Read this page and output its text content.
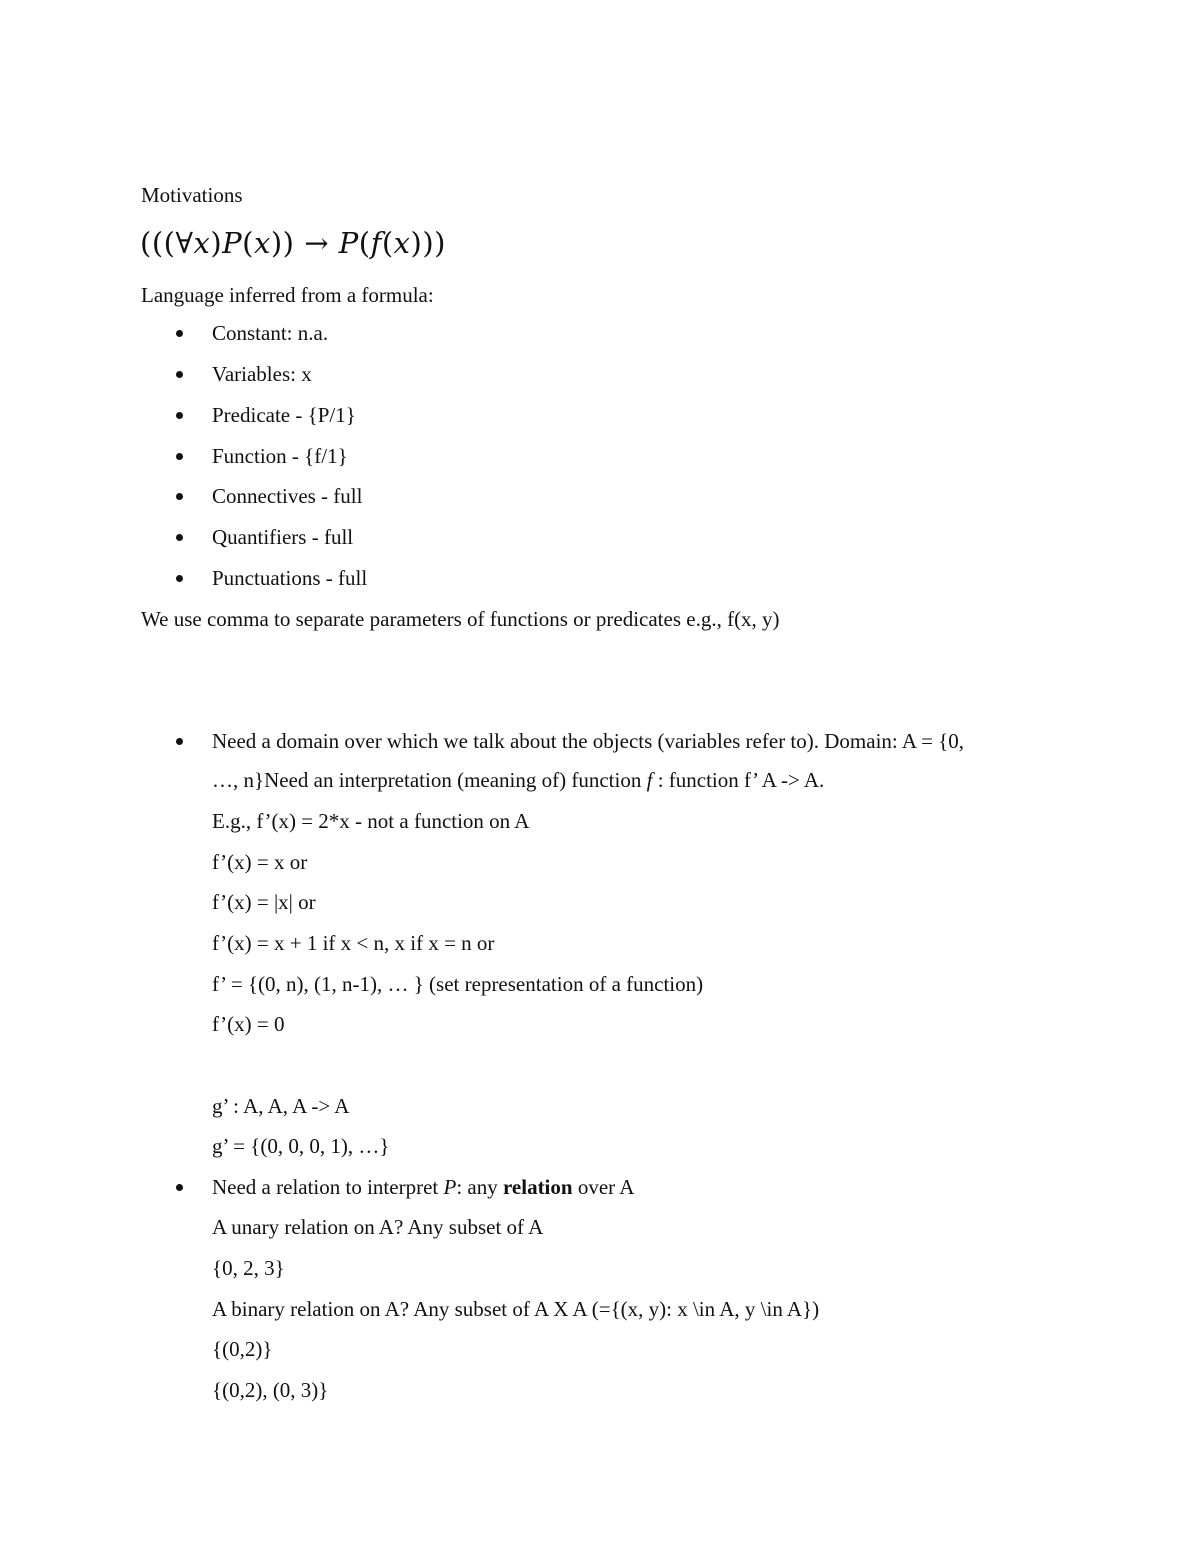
Motivations
(((∀x)P(x)) → P(f(x)))
Language inferred from a formula:
Constant: n.a.
Variables: x
Predicate - {P/1}
Function - {f/1}
Connectives - full
Quantifiers - full
Punctuations - full
We use comma to separate parameters of functions or predicates e.g., f(x, y)
Need a domain over which we talk about the objects (variables refer to). Domain: A = {0,
…, n}Need an interpretation (meaning of) function f : function f’ A -> A.
E.g., f’(x) = 2*x - not a function on A
f’(x) = x or
f’(x) = |x| or
f’(x) = x + 1 if x < n, x if x = n or
f’ = {(0, n), (1, n-1), … } (set representation of a function)
f’(x) = 0
g’ : A, A, A -> A
g’ = {(0, 0, 0, 1), …}
Need a relation to interpret P: any relation over A
A unary relation on A? Any subset of A
{0, 2, 3}
A binary relation on A? Any subset of A X A (={(x, y): x \in A, y \in A})
{(0,2)}
{(0,2), (0, 3)}
